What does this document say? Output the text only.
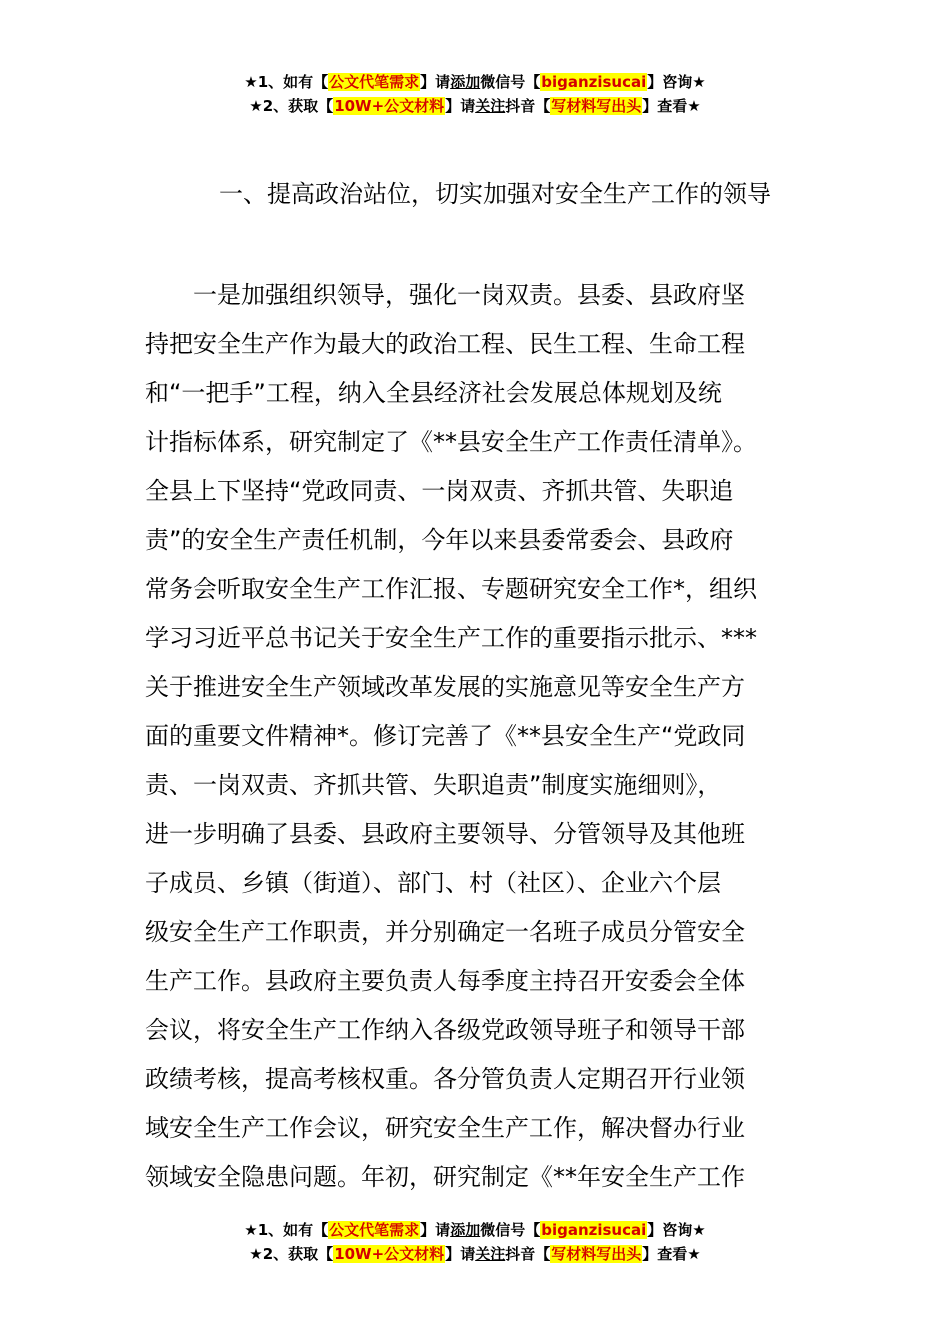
★1、如有【公文代笔需求】请添加微信号【biganzisucai】咨询★
★2、获取【10W+公文材料】请关注抖音【写材料写出头】查看★
一、提高政治站位，切实加强对安全生产工作的领导
　　一是加强组织领导，强化一岗双责。县委、县政府坚
持把安全生产作为最大的政治工程、民生工程、生命工程
和“一把手”工程，纳入全县经济社会发展总体规划及统
计指标体系，研究制定了《**县安全生产工作责任清单》。
全县上下坚持“党政同责、一岗双责、齐抓共管、失职追
责”的安全生产责任机制，今年以来县委常委会、县政府
常务会听取安全生产工作汇报、专题研究安全工作*，组织
学习习近平总书记关于安全生产工作的重要指示批示、***
关于推进安全生产领域改革发展的实施意见等安全生产方
面的重要文件精神*。修订完善了《**县安全生产“党政同
责、一岗双责、齐抓共管、失职追责”制度实施细则》，
进一步明确了县委、县政府主要领导、分管领导及其他班
子成员、乡镇（街道）、部门、村（社区）、企业六个层
级安全生产工作职责，并分别确定一名班子成员分管安全
生产工作。县政府主要负责人每季度主持召开安委会全体
会议，将安全生产工作纳入各级党政领导班子和领导干部
政绩考核，提高考核权重。各分管负责人定期召开行业领
域安全生产工作会议，研究安全生产工作，解决督办行业
领域安全隐患问题。年初，研究制定《**年安全生产工作
★1、如有【公文代笔需求】请添加微信号【biganzisucai】咨询★
★2、获取【10W+公文材料】请关注抖音【写材料写出头】查看★
